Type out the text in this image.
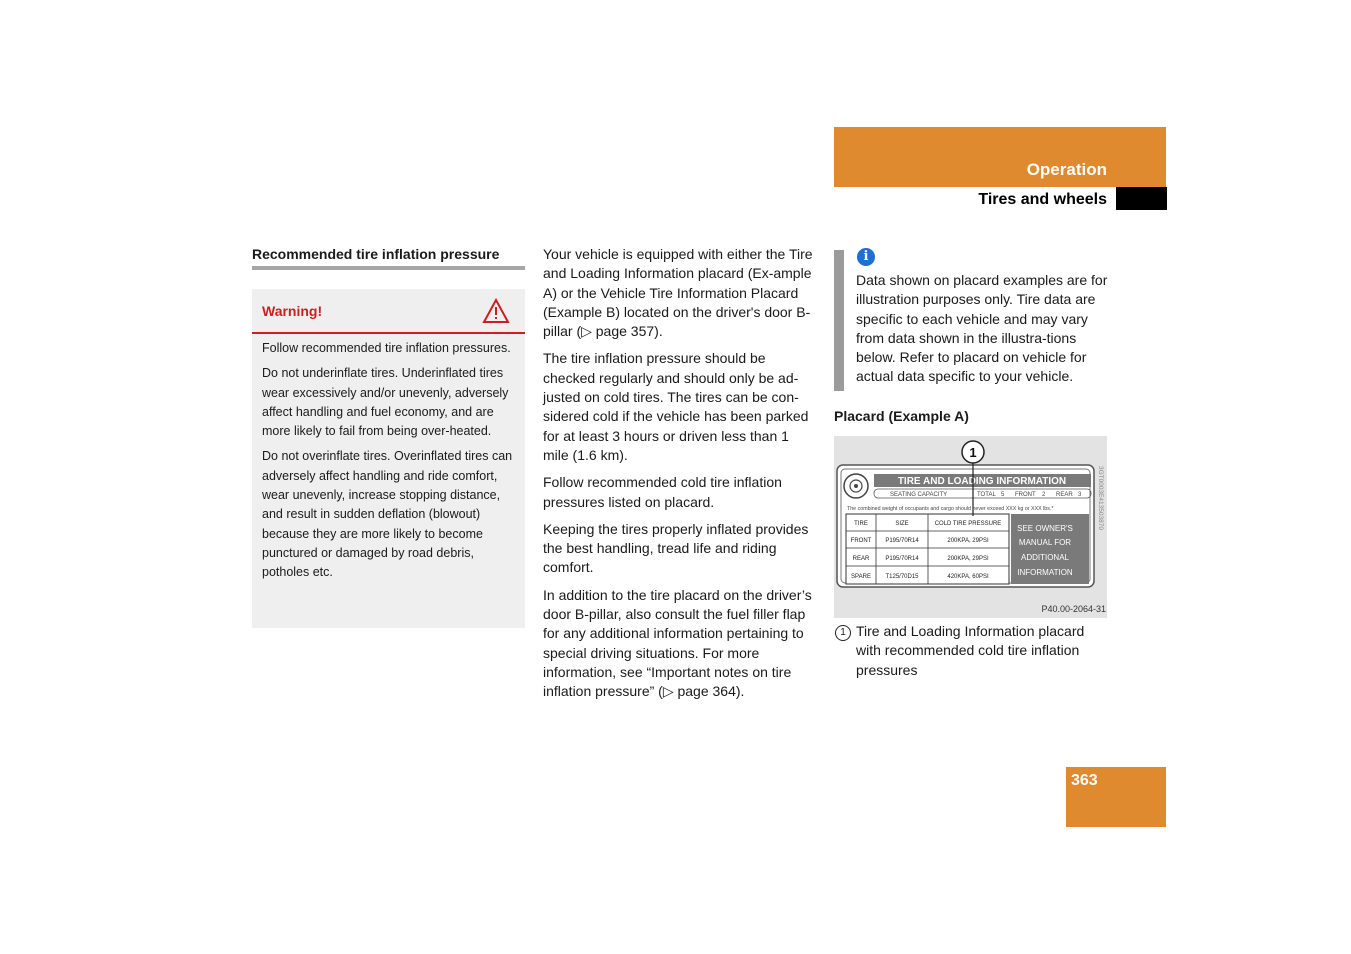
Operation
Tires and wheels
Recommended tire inflation pressure
Warning!

Follow recommended tire inflation pressures.

Do not underinflate tires. Underinflated tires wear excessively and/or unevenly, adversely affect handling and fuel economy, and are more likely to fail from being over-heated.

Do not overinflate tires. Overinflated tires can adversely affect handling and ride comfort, wear unevenly, increase stopping distance, and result in sudden deflation (blowout) because they are more likely to become punctured or damaged by road debris, potholes etc.

Your vehicle is equipped with either the Tire and Loading Information placard (Ex-ample A) or the Vehicle Tire Information Placard (Example B) located on the driver's door B-pillar (▷ page 357).

The tire inflation pressure should be checked regularly and should only be ad-justed on cold tires. The tires can be con-sidered cold if the vehicle has been parked for at least 3 hours or driven less than 1 mile (1.6 km).

Follow recommended cold tire inflation pressures listed on placard.

Keeping the tires properly inflated provides the best handling, tread life and riding comfort.

In addition to the tire placard on the driver’s door B-pillar, also consult the fuel filler flap for any additional information pertaining to special driving situations. For more information, see “Important notes on tire inflation pressure” (▷ page 364).

i
Data shown on placard examples are for illustration purposes only. Tire data are specific to each vehicle and may vary from data shown in the illustra-tions below. Refer to placard on vehicle for actual data specific to your vehicle.
Placard (Example A)
TIRE AND LOADING INFORMATION
SEATING CAPACITY	TOTAL 5 FRONT 2 REAR 3
The combined weight of occupants and cargo should never exceed XXX kg or XXX lbs.*
TIRE	SIZE	COLD TIRE PRESSURE
FRONT P195/70R14	200KPA, 29PSI
REAR	P195/70R14	200KPA, 29PSI
SPARE T125/70D15	420KPA, 60PSI
SEE OWNER'S
MANUAL FOR
ADDITIONAL
INFORMATION
3GT0003E413503870
1
P40.00-2064-31
1 Tire and Loading Information placard with recommended cold tire inflation pressures
363
